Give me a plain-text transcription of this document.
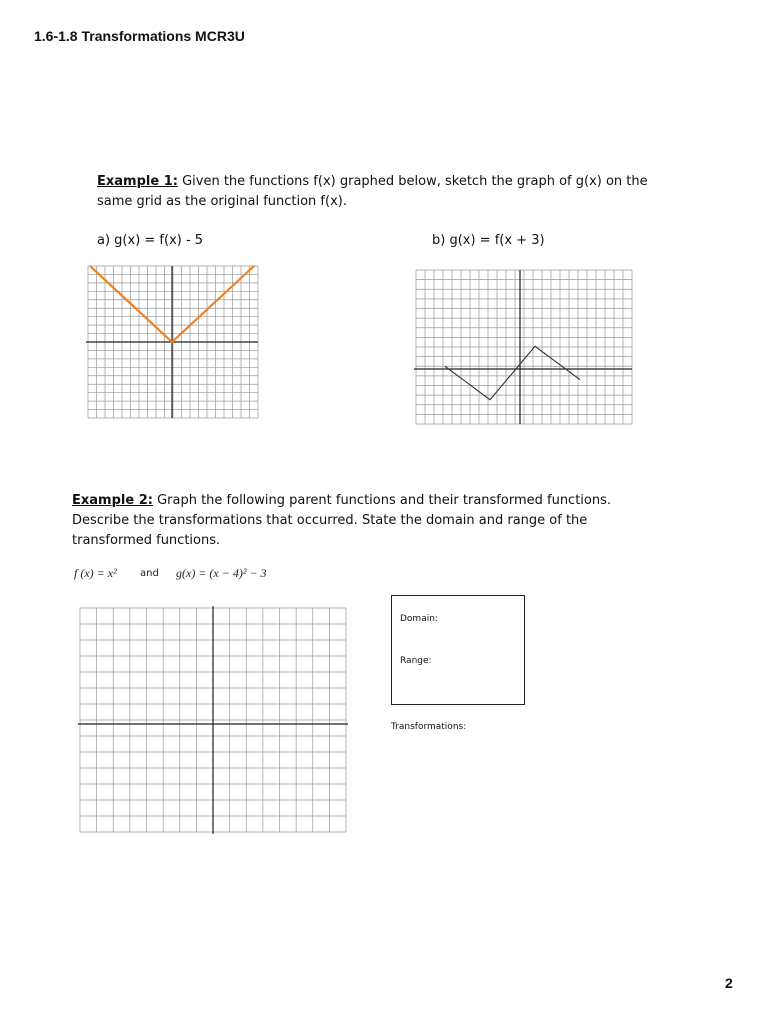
1.6-1.8 Transformations MCR3U
Example 1: Given the functions f(x) graphed below, sketch the graph of g(x) on the
same grid as the original function f(x).
a) g(x) = f(x) - 5	b) g(x) = f(x + 3)
Example 2: Graph the following parent functions and their transformed functions.
Describe the transformations that occurred. State the domain and range of the
transformed functions.
f (x) = x² and g(x) = (x − 4)² − 3
Domain:
Range:
Transformations:
2
